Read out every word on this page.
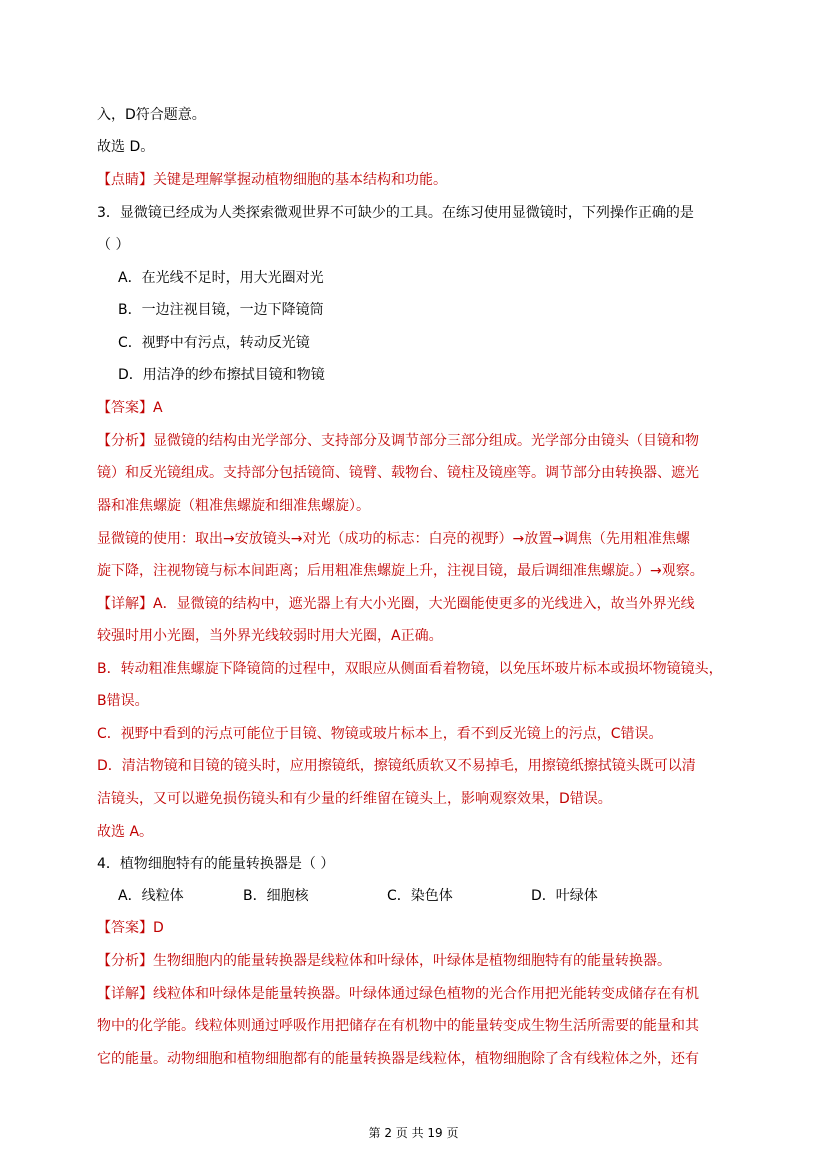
入，D符合题意。
故选 D。
【点睛】关键是理解掌握动植物细胞的基本结构和功能。
3．显微镜已经成为人类探索微观世界不可缺少的工具。在练习使用显微镜时，下列操作正确的是
（ ）
A．在光线不足时，用大光圈对光
B．一边注视目镜，一边下降镜筒
C．视野中有污点，转动反光镜
D．用洁净的纱布擦拭目镜和物镜
【答案】A
【分析】显微镜的结构由光学部分、支持部分及调节部分三部分组成。光学部分由镜头（目镜和物
镜）和反光镜组成。支持部分包括镜筒、镜臂、载物台、镜柱及镜座等。调节部分由转换器、遮光
器和准焦螺旋（粗准焦螺旋和细准焦螺旋）。
显微镜的使用：取出→安放镜头→对光（成功的标志：白亮的视野）→放置→调焦（先用粗准焦螺
旋下降，注视物镜与标本间距离；后用粗准焦螺旋上升，注视目镜，最后调细准焦螺旋。）→观察。
【详解】A．显微镜的结构中，遮光器上有大小光圈，大光圈能使更多的光线进入，故当外界光线
较强时用小光圈，当外界光线较弱时用大光圈，A正确。
B．转动粗准焦螺旋下降镜筒的过程中，双眼应从侧面看着物镜，以免压坏玻片标本或损坏物镜镜头，
B错误。
C．视野中看到的污点可能位于目镜、物镜或玻片标本上，看不到反光镜上的污点，C错误。
D．清洁物镜和目镜的镜头时，应用擦镜纸，擦镜纸质软又不易掉毛，用擦镜纸擦拭镜头既可以清
洁镜头，又可以避免损伤镜头和有少量的纤维留在镜头上，影响观察效果，D错误。
故选 A。
4．植物细胞特有的能量转换器是（ ）
A．线粒体	B．细胞核	C．染色体	D．叶绿体
【答案】D
【分析】生物细胞内的能量转换器是线粒体和叶绿体，叶绿体是植物细胞特有的能量转换器。
【详解】线粒体和叶绿体是能量转换器。叶绿体通过绿色植物的光合作用把光能转变成储存在有机
物中的化学能。线粒体则通过呼吸作用把储存在有机物中的能量转变成生物生活所需要的能量和其
它的能量。动物细胞和植物细胞都有的能量转换器是线粒体，植物细胞除了含有线粒体之外，还有
第 2 页 共 19 页
